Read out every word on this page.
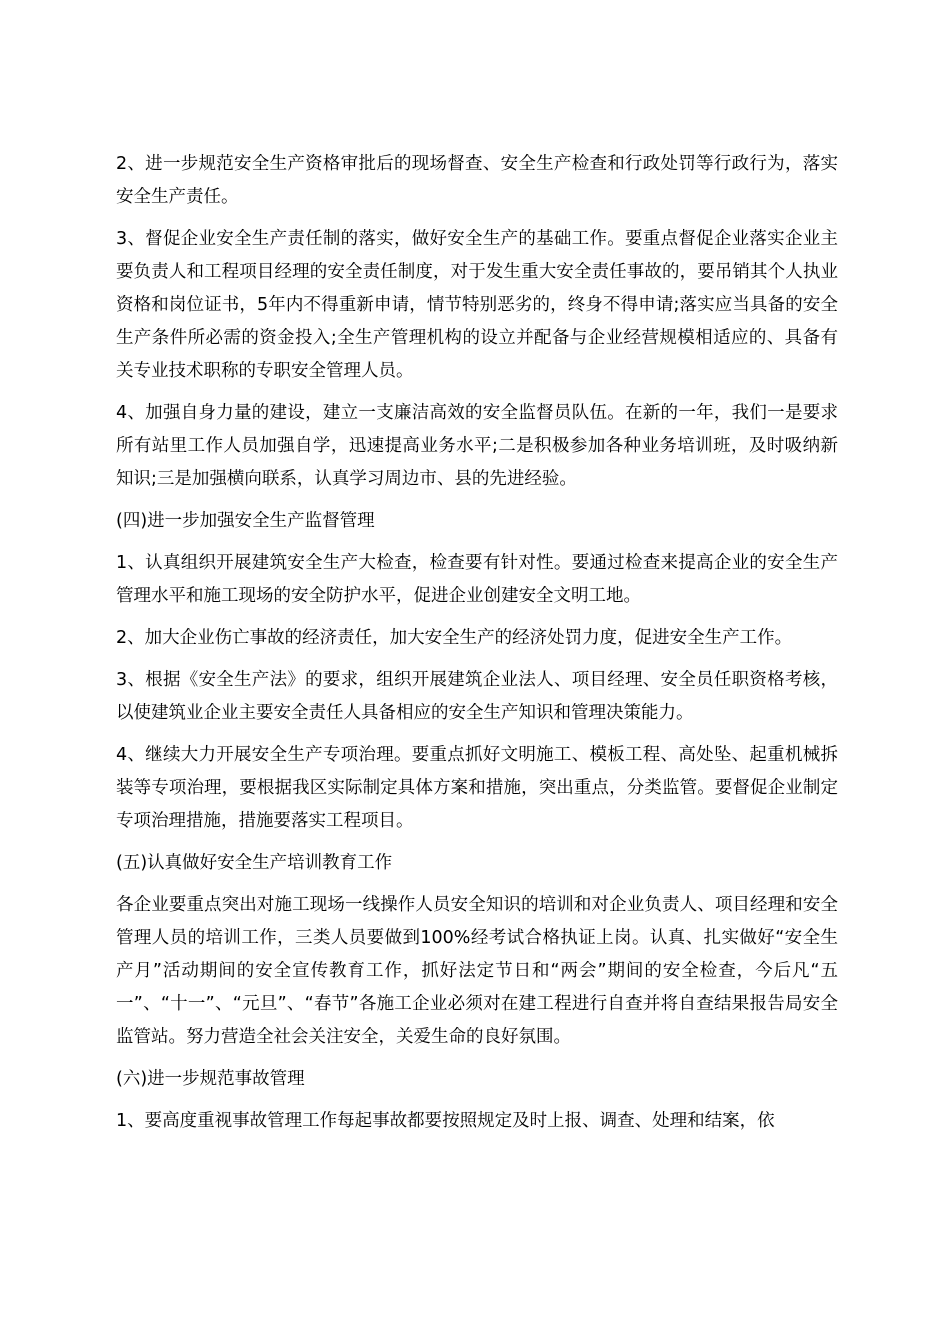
2、进一步规范安全生产资格审批后的现场督查、安全生产检查和行政处罚等行政行为，落实安全生产责任。

3、督促企业安全生产责任制的落实，做好安全生产的基础工作。要重点督促企业落实企业主要负责人和工程项目经理的安全责任制度，对于发生重大安全责任事故的，要吊销其个人执业资格和岗位证书，5年内不得重新申请，情节特别恶劣的，终身不得申请;落实应当具备的安全生产条件所必需的资金投入;全生产管理机构的设立并配备与企业经营规模相适应的、具备有关专业技术职称的专职安全管理人员。

4、加强自身力量的建设，建立一支廉洁高效的安全监督员队伍。在新的一年，我们一是要求所有站里工作人员加强自学，迅速提高业务水平;二是积极参加各种业务培训班，及时吸纳新知识;三是加强横向联系，认真学习周边市、县的先进经验。

(四)进一步加强安全生产监督管理

1、认真组织开展建筑安全生产大检查，检查要有针对性。要通过检查来提高企业的安全生产管理水平和施工现场的安全防护水平，促进企业创建安全文明工地。

2、加大企业伤亡事故的经济责任，加大安全生产的经济处罚力度，促进安全生产工作。

3、根据《安全生产法》的要求，组织开展建筑企业法人、项目经理、安全员任职资格考核，以使建筑业企业主要安全责任人具备相应的安全生产知识和管理决策能力。

4、继续大力开展安全生产专项治理。要重点抓好文明施工、模板工程、高处坠、起重机械拆装等专项治理，要根据我区实际制定具体方案和措施，突出重点，分类监管。要督促企业制定专项治理措施，措施要落实工程项目。

(五)认真做好安全生产培训教育工作

各企业要重点突出对施工现场一线操作人员安全知识的培训和对企业负责人、项目经理和安全管理人员的培训工作，三类人员要做到100%经考试合格执证上岗。认真、扎实做好“安全生产月”活动期间的安全宣传教育工作，抓好法定节日和“两会”期间的安全检查，今后凡“五一”、“十一”、“元旦”、“春节”各施工企业必须对在建工程进行自查并将自查结果报告局安全监管站。努力营造全社会关注安全，关爱生命的良好氛围。

(六)进一步规范事故管理

1、要高度重视事故管理工作每起事故都要按照规定及时上报、调查、处理和结案，依
